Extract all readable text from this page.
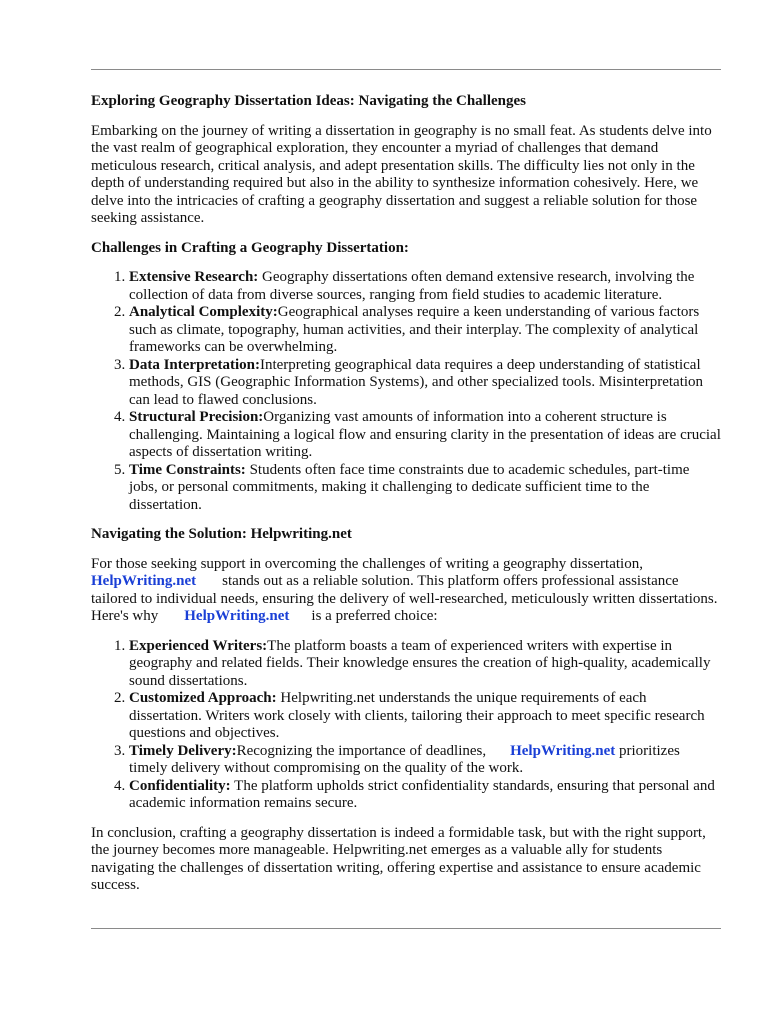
Exploring Geography Dissertation Ideas: Navigating the Challenges

Embarking on the journey of writing a dissertation in geography is no small feat. As students delve into the vast realm of geographical exploration, they encounter a myriad of challenges that demand meticulous research, critical analysis, and adept presentation skills. The difficulty lies not only in the depth of understanding required but also in the ability to synthesize information cohesively. Here, we delve into the intricacies of crafting a geography dissertation and suggest a reliable solution for those seeking assistance.

Challenges in Crafting a Geography Dissertation:
1. Extensive Research: Geography dissertations often demand extensive research, involving the collection of data from diverse sources, ranging from field studies to academic literature.
2. Analytical Complexity:Geographical analyses require a keen understanding of various factors such as climate, topography, human activities, and their interplay. The complexity of analytical frameworks can be overwhelming.
3. Data Interpretation:Interpreting geographical data requires a deep understanding of statistical methods, GIS (Geographic Information Systems), and other specialized tools. Misinterpretation can lead to flawed conclusions.
4. Structural Precision:Organizing vast amounts of information into a coherent structure is challenging. Maintaining a logical flow and ensuring clarity in the presentation of ideas are crucial aspects of dissertation writing.
5. Time Constraints: Students often face time constraints due to academic schedules, part-time jobs, or personal commitments, making it challenging to dedicate sufficient time to the dissertation.
Navigating the Solution: Helpwriting.net

For those seeking support in overcoming the challenges of writing a geography dissertation, HelpWriting.net stands out as a reliable solution. This platform offers professional assistance tailored to individual needs, ensuring the delivery of well-researched, meticulously written dissertations. Here's why HelpWriting.net is a preferred choice:

1. Experienced Writers:The platform boasts a team of experienced writers with expertise in geography and related fields. Their knowledge ensures the creation of high-quality, academically sound dissertations.
2. Customized Approach: Helpwriting.net understands the unique requirements of each dissertation. Writers work closely with clients, tailoring their approach to meet specific research questions and objectives.
3. Timely Delivery:Recognizing the importance of deadlines, HelpWriting.net prioritizes timely delivery without compromising on the quality of the work.
4. Confidentiality: The platform upholds strict confidentiality standards, ensuring that personal and academic information remains secure.

In conclusion, crafting a geography dissertation is indeed a formidable task, but with the right support, the journey becomes more manageable. Helpwriting.net emerges as a valuable ally for students navigating the challenges of dissertation writing, offering expertise and assistance to ensure academic success.
